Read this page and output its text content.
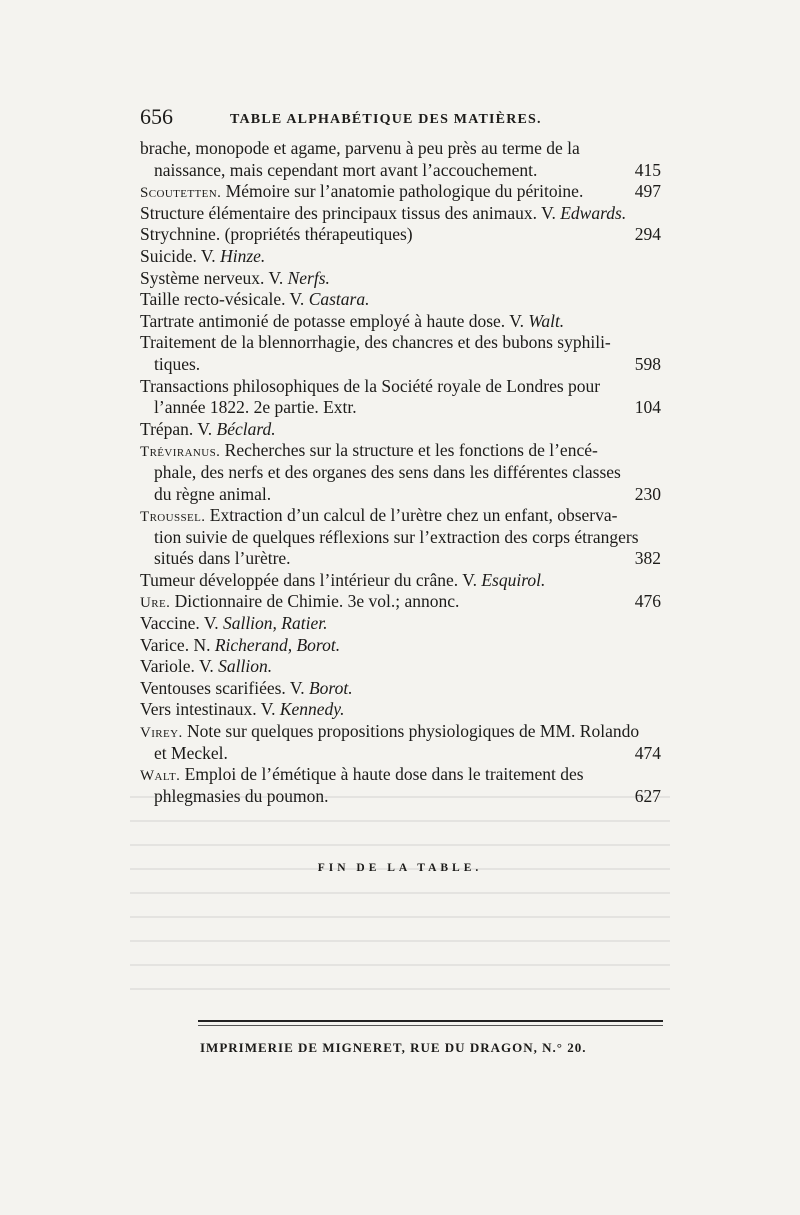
656	TABLE ALPHABÉTIQUE DES MATIÈRES.
brache, monopode et agame, parvenu à peu près au terme de la
naissance, mais cependant mort avant l’accouchement.	415
Scoutetten. Mémoire sur l’anatomie pathologique du péritoine.	497
Structure élémentaire des principaux tissus des animaux. V. Edwards.
Strychnine. (propriétés thérapeutiques)	294
Suicide. V. Hinze.
Système nerveux. V. Nerfs.
Taille recto-vésicale. V. Castara.
Tartrate antimonié de potasse employé à haute dose. V. Walt.
Traitement de la blennorrhagie, des chancres et des bubons syphili-
tiques.	598
Transactions philosophiques de la Société royale de Londres pour
l’année 1822. 2e partie. Extr.	104
Trépan. V. Béclard.
Tréviranus. Recherches sur la structure et les fonctions de l’encé-
phale, des nerfs et des organes des sens dans les différentes classes
du règne animal.	230
Troussel. Extraction d’un calcul de l’urètre chez un enfant, observa-
tion suivie de quelques réflexions sur l’extraction des corps étrangers
situés dans l’urètre.	382
Tumeur développée dans l’intérieur du crâne. V. Esquirol.
Ure. Dictionnaire de Chimie. 3e vol.; annonc.	476
Vaccine. V. Sallion, Ratier.
Varice. N. Richerand, Borot.
Variole. V. Sallion.
Ventouses scarifiées. V. Borot.
Vers intestinaux. V. Kennedy.
Virey. Note sur quelques propositions physiologiques de MM. Rolando
et Meckel.	474
Walt. Emploi de l’émétique à haute dose dans le traitement des
phlegmasies du poumon.	627
FIN DE LA TABLE.
IMPRIMERIE DE MIGNERET, RUE DU DRAGON, N.° 20.
